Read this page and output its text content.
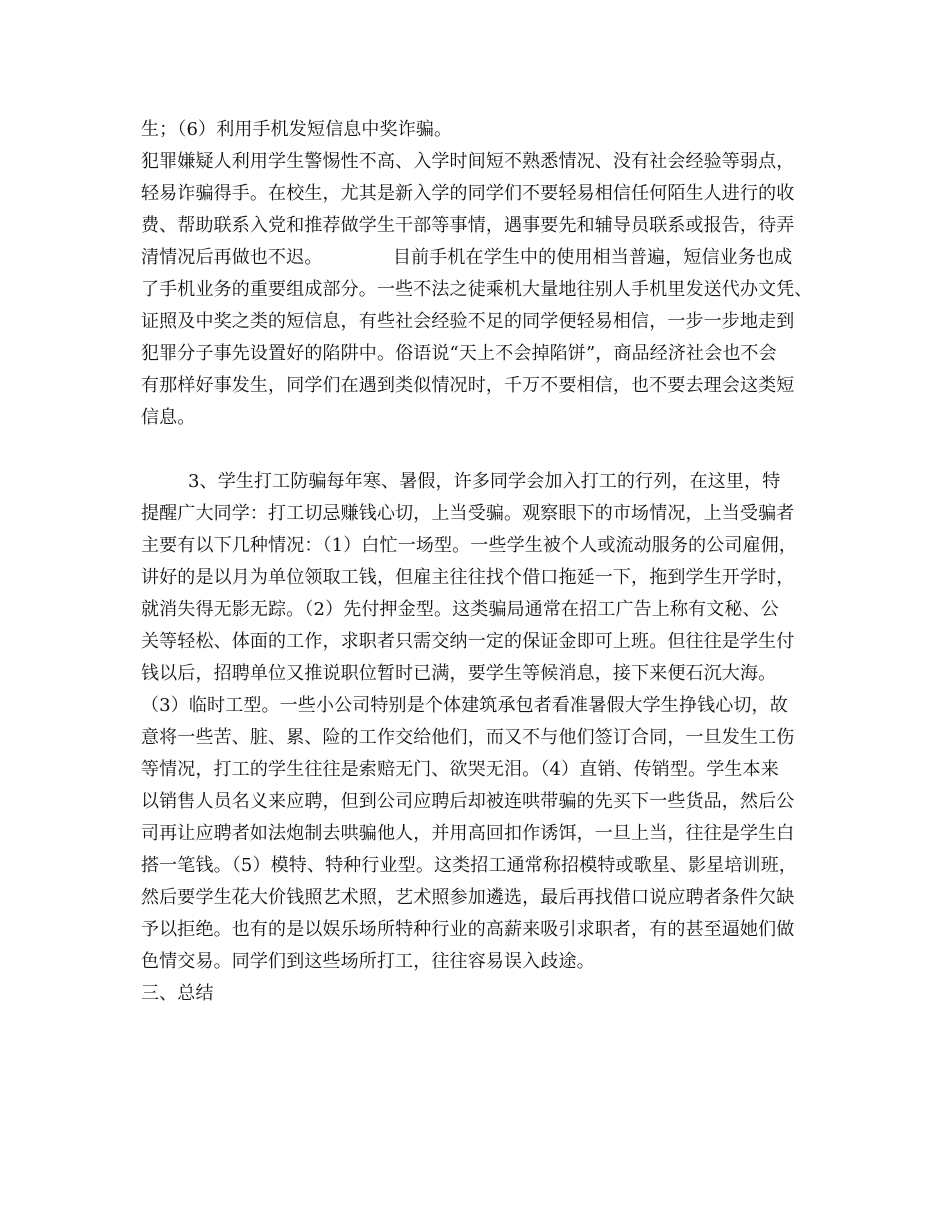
生；（6）利用手机发短信息中奖诈骗。
犯罪嫌疑人利用学生警惕性不高、入学时间短不熟悉情况、没有社会经验等弱点，
轻易诈骗得手。在校生，尤其是新入学的同学们不要轻易相信任何陌生人进行的收
费、帮助联系入党和推荐做学生干部等事情，遇事要先和辅导员联系或报告，待弄
清情况后再做也不迟。            目前手机在学生中的使用相当普遍，短信业务也成
了手机业务的重要组成部分。一些不法之徒乘机大量地往别人手机里发送代办文凭、
证照及中奖之类的短信息，有些社会经验不足的同学便轻易相信，一步一步地走到
犯罪分子事先设置好的陷阱中。俗语说“天上不会掉陷饼”，商品经济社会也不会
有那样好事发生，同学们在遇到类似情况时，千万不要相信，也不要去理会这类短
信息。
3、学生打工防骗每年寒、暑假，许多同学会加入打工的行列，在这里，特
提醒广大同学：打工切忌赚钱心切，上当受骗。观察眼下的市场情况，上当受骗者
主要有以下几种情况：（1）白忙一场型。一些学生被个人或流动服务的公司雇佣，
讲好的是以月为单位领取工钱，但雇主往往找个借口拖延一下，拖到学生开学时，
就消失得无影无踪。（2）先付押金型。这类骗局通常在招工广告上称有文秘、公
关等轻松、体面的工作，求职者只需交纳一定的保证金即可上班。但往往是学生付
钱以后，招聘单位又推说职位暂时已满，要学生等候消息，接下来便石沉大海。
（3）临时工型。一些小公司特别是个体建筑承包者看准暑假大学生挣钱心切，故
意将一些苦、脏、累、险的工作交给他们，而又不与他们签订合同，一旦发生工伤
等情况，打工的学生往往是索赔无门、欲哭无泪。（4）直销、传销型。学生本来
以销售人员名义来应聘，但到公司应聘后却被连哄带骗的先买下一些货品，然后公
司再让应聘者如法炮制去哄骗他人，并用高回扣作诱饵，一旦上当，往往是学生白
搭一笔钱。（5）模特、特种行业型。这类招工通常称招模特或歌星、影星培训班，
然后要学生花大价钱照艺术照，艺术照参加遴选，最后再找借口说应聘者条件欠缺
予以拒绝。也有的是以娱乐场所特种行业的高薪来吸引求职者，有的甚至逼她们做
色情交易。同学们到这些场所打工，往往容易误入歧途。
三、总结
